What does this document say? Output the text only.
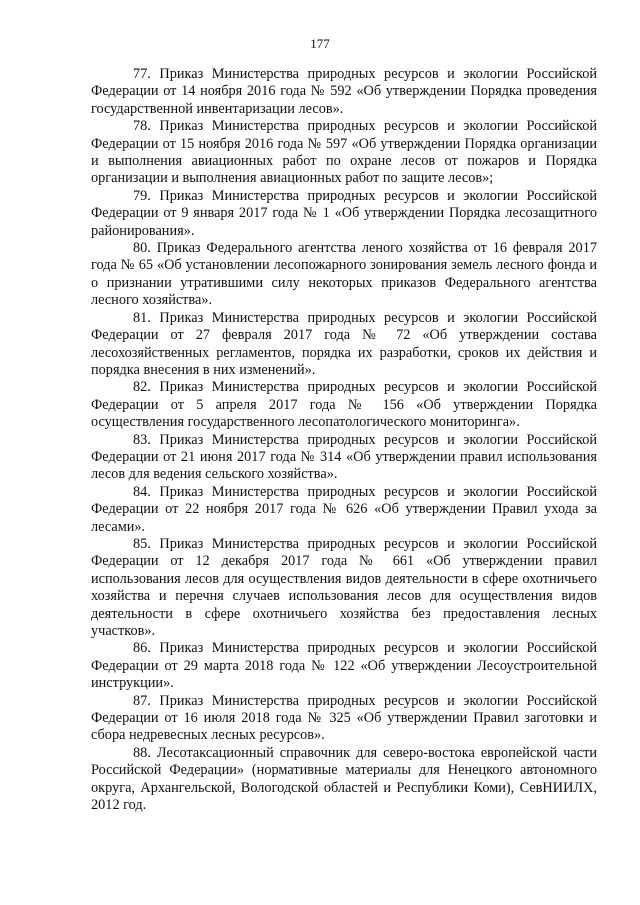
177

77. Приказ Министерства природных ресурсов и экологии Российской Федерации от 14 ноября 2016 года № 592 «Об утверждении Порядка проведения государственной инвентаризации лесов».

78. Приказ Министерства природных ресурсов и экологии Российской Федерации от 15 ноября 2016 года № 597 «Об утверждении Порядка организации и выполнения авиационных работ по охране лесов от пожаров и Порядка организации и выполнения авиационных работ по защите лесов»;

79. Приказ Министерства природных ресурсов и экологии Российской Федерации от 9 января 2017 года № 1 «Об утверждении Порядка лесозащитного районирования».

80. Приказ Федерального агентства леного хозяйства от 16 февраля 2017 года № 65 «Об установлении лесопожарного зонирования земель лесного фонда и о признании утратившими силу некоторых приказов Федерального агентства лесного хозяйства».

81. Приказ Министерства природных ресурсов и экологии Российской Федерации от 27 февраля 2017 года № 72 «Об утверждении состава лесохозяйственных регламентов, порядка их разработки, сроков их действия и порядка внесения в них изменений».

82. Приказ Министерства природных ресурсов и экологии Российской Федерации от 5 апреля 2017 года № 156 «Об утверждении Порядка осуществления государственного лесопатологического мониторинга».

83. Приказ Министерства природных ресурсов и экологии Российской Федерации от 21 июня 2017 года № 314 «Об утверждении правил использования лесов для ведения сельского хозяйства».

84. Приказ Министерства природных ресурсов и экологии Российской Федерации от 22 ноября 2017 года № 626 «Об утверждении Правил ухода за лесами».

85. Приказ Министерства природных ресурсов и экологии Российской Федерации от 12 декабря 2017 года № 661 «Об утверждении правил использования лесов для осуществления видов деятельности в сфере охотничьего хозяйства и перечня случаев использования лесов для осуществления видов деятельности в сфере охотничьего хозяйства без предоставления лесных участков».

86. Приказ Министерства природных ресурсов и экологии Российской Федерации от 29 марта 2018 года № 122 «Об утверждении Лесоустроительной инструкции».

87. Приказ Министерства природных ресурсов и экологии Российской Федерации от 16 июля 2018 года № 325 «Об утверждении Правил заготовки и сбора недревесных лесных ресурсов».

88. Лесотаксационный справочник для северо-востока европейской части Российской Федерации» (нормативные материалы для Ненецкого автономного округа, Архангельской, Вологодской областей и Республики Коми), СевНИИЛХ, 2012 год.
